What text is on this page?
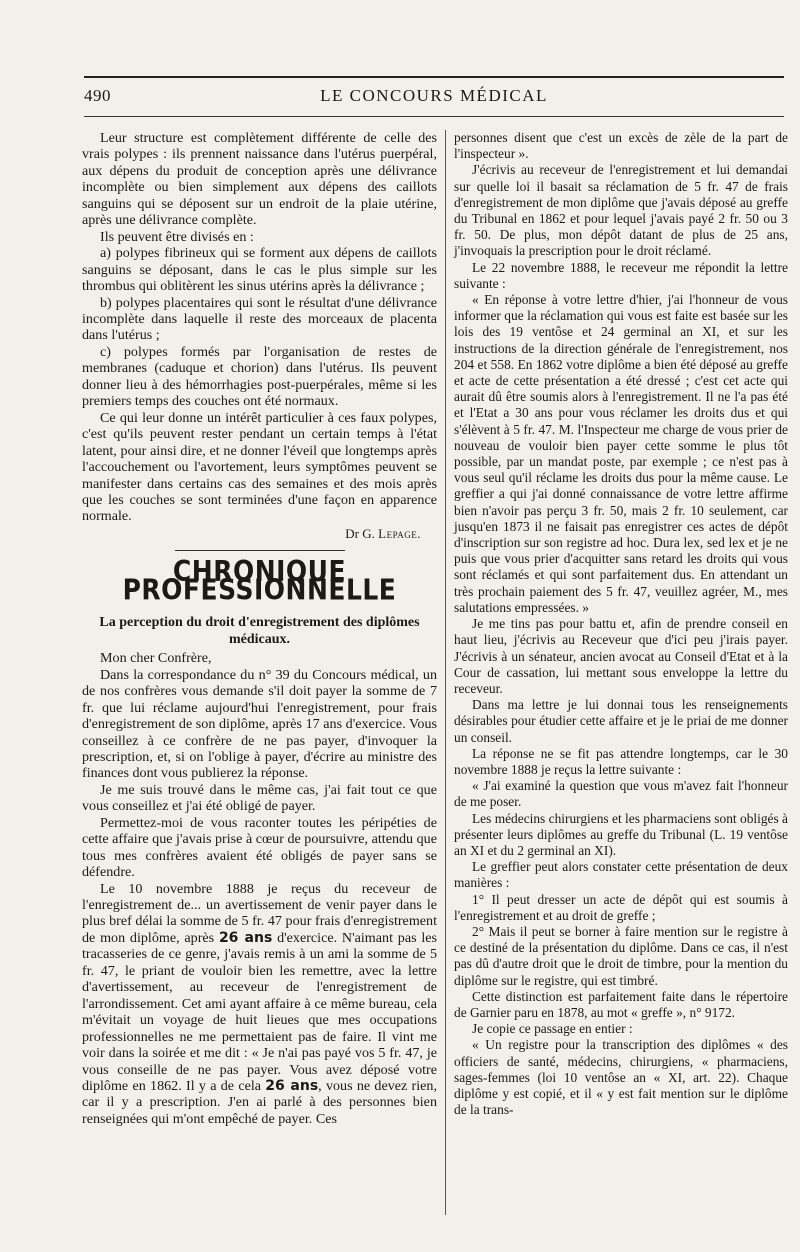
490	LE CONCOURS MÉDICAL

Leur structure est complètement différente de celle des vrais polypes : ils prennent naissance dans l'utérus puerpéral, aux dépens du produit de conception après une délivrance incomplète ou bien simplement aux dépens des caillots sanguins qui se déposent sur un endroit de la plaie utérine, après une délivrance complète.

Ils peuvent être divisés en :

a) polypes fibrineux qui se forment aux dépens de caillots sanguins se déposant, dans le cas le plus simple sur les thrombus qui oblitèrent les sinus utérins après la délivrance ;

b) polypes placentaires qui sont le résultat d'une délivrance incomplète dans laquelle il reste des morceaux de placenta dans l'utérus ;

c) polypes formés par l'organisation de restes de membranes (caduque et chorion) dans l'utérus. Ils peuvent donner lieu à des hémorrhagies post-puerpérales, même si les premiers temps des couches ont été normaux.

Ce qui leur donne un intérêt particulier à ces faux polypes, c'est qu'ils peuvent rester pendant un certain temps à l'état latent, pour ainsi dire, et ne donner l'éveil que longtemps après l'accouchement ou l'avortement, leurs symptômes peuvent se manifester dans certains cas des semaines et des mois après que les couches se sont terminées d'une façon en apparence normale.

Dr G. Lepage.
CHRONIQUE PROFESSIONNELLE

La perception du droit d'enregistrement des diplômes médicaux.

Mon cher Confrère,

Dans la correspondance du n° 39 du Concours médical, un de nos confrères vous demande s'il doit payer la somme de 7 fr. que lui réclame aujourd'hui l'enregistrement, pour frais d'enregistrement de son diplôme, après 17 ans d'exercice. Vous conseillez à ce confrère de ne pas payer, d'invoquer la prescription, et, si on l'oblige à payer, d'écrire au ministre des finances dont vous publierez la réponse.

Je me suis trouvé dans le même cas, j'ai fait tout ce que vous conseillez et j'ai été obligé de payer.

Permettez-moi de vous raconter toutes les péripéties de cette affaire que j'avais prise à cœur de poursuivre, attendu que tous mes confrères avaient été obligés de payer sans se défendre.

Le 10 novembre 1888 je reçus du receveur de l'enregistrement de... un avertissement de venir payer dans le plus bref délai la somme de 5 fr. 47 pour frais d'enregistrement de mon diplôme, après 26 ans d'exercice. N'aimant pas les tracasseries de ce genre, j'avais remis à un ami la somme de 5 fr. 47, le priant de vouloir bien les remettre, avec la lettre d'avertissement, au receveur de l'enregistrement de l'arrondissement. Cet ami ayant affaire à ce même bureau, cela m'évitait un voyage de huit lieues que mes occupations professionnelles ne me permettaient pas de faire. Il vint me voir dans la soirée et me dit : « Je n'ai pas payé vos 5 fr. 47, je vous conseille de ne pas payer. Vous avez déposé votre diplôme en 1862. Il y a de cela 26 ans, vous ne devez rien, car il y a prescription. J'en ai parlé à des personnes bien renseignées qui m'ont empêché de payer. Ces

personnes disent que c'est un excès de zèle de la part de l'inspecteur ».

J'écrivis au receveur de l'enregistrement et lui demandai sur quelle loi il basait sa réclamation de 5 fr. 47 de frais d'enregistrement de mon diplôme que j'avais déposé au greffe du Tribunal en 1862 et pour lequel j'avais payé 2 fr. 50 ou 3 fr. 50. De plus, mon dépôt datant de plus de 25 ans, j'invoquais la prescription pour le droit réclamé.

Le 22 novembre 1888, le receveur me répondit la lettre suivante :

« En réponse à votre lettre d'hier, j'ai l'honneur de vous informer que la réclamation qui vous est faite est basée sur les lois des 19 ventôse et 24 germinal an XI, et sur les instructions de la direction générale de l'enregistrement, nos 204 et 558. En 1862 votre diplôme a bien été déposé au greffe et acte de cette présentation a été dressé ; c'est cet acte qui aurait dû être soumis alors à l'enregistrement. Il ne l'a pas été et l'Etat a 30 ans pour vous réclamer les droits dus et qui s'élèvent à 5 fr. 47. M. l'Inspecteur me charge de vous prier de nouveau de vouloir bien payer cette somme le plus tôt possible, par un mandat poste, par exemple ; ce n'est pas à vous seul qu'il réclame les droits dus pour la même cause. Le greffier a qui j'ai donné connaissance de votre lettre affirme bien n'avoir pas perçu 3 fr. 50, mais 2 fr. 10 seulement, car jusqu'en 1873 il ne faisait pas enregistrer ces actes de dépôt d'inscription sur son registre ad hoc. Dura lex, sed lex et je ne puis que vous prier d'acquitter sans retard les droits qui vous sont réclamés et qui sont parfaitement dus. En attendant un très prochain paiement des 5 fr. 47, veuillez agréer, M., mes salutations empressées. »

Je me tins pas pour battu et, afin de prendre conseil en haut lieu, j'écrivis au Receveur que d'ici peu j'irais payer. J'écrivis à un sénateur, ancien avocat au Conseil d'Etat et à la Cour de cassation, lui mettant sous enveloppe la lettre du receveur.

Dans ma lettre je lui donnai tous les renseignements désirables pour étudier cette affaire et je le priai de me donner un conseil.

La réponse ne se fit pas attendre longtemps, car le 30 novembre 1888 je reçus la lettre suivante :

« J'ai examiné la question que vous m'avez fait l'honneur de me poser.

Les médecins chirurgiens et les pharmaciens sont obligés à présenter leurs diplômes au greffe du Tribunal (L. 19 ventôse an XI et du 2 germinal an XI).

Le greffier peut alors constater cette présentation de deux manières :

1° Il peut dresser un acte de dépôt qui est soumis à l'enregistrement et au droit de greffe ;

2° Mais il peut se borner à faire mention sur le registre à ce destiné de la présentation du diplôme. Dans ce cas, il n'est pas dû d'autre droit que le droit de timbre, pour la mention du diplôme sur le registre, qui est timbré.

Cette distinction est parfaitement faite dans le répertoire de Garnier paru en 1878, au mot « greffe », n° 9172.

Je copie ce passage en entier :

« Un registre pour la transcription des diplômes « des officiers de santé, médecins, chirurgiens, « pharmaciens, sages-femmes (loi 10 ventôse an « XI, art. 22). Chaque diplôme y est copié, et il « y est fait mention sur le diplôme de la trans-
